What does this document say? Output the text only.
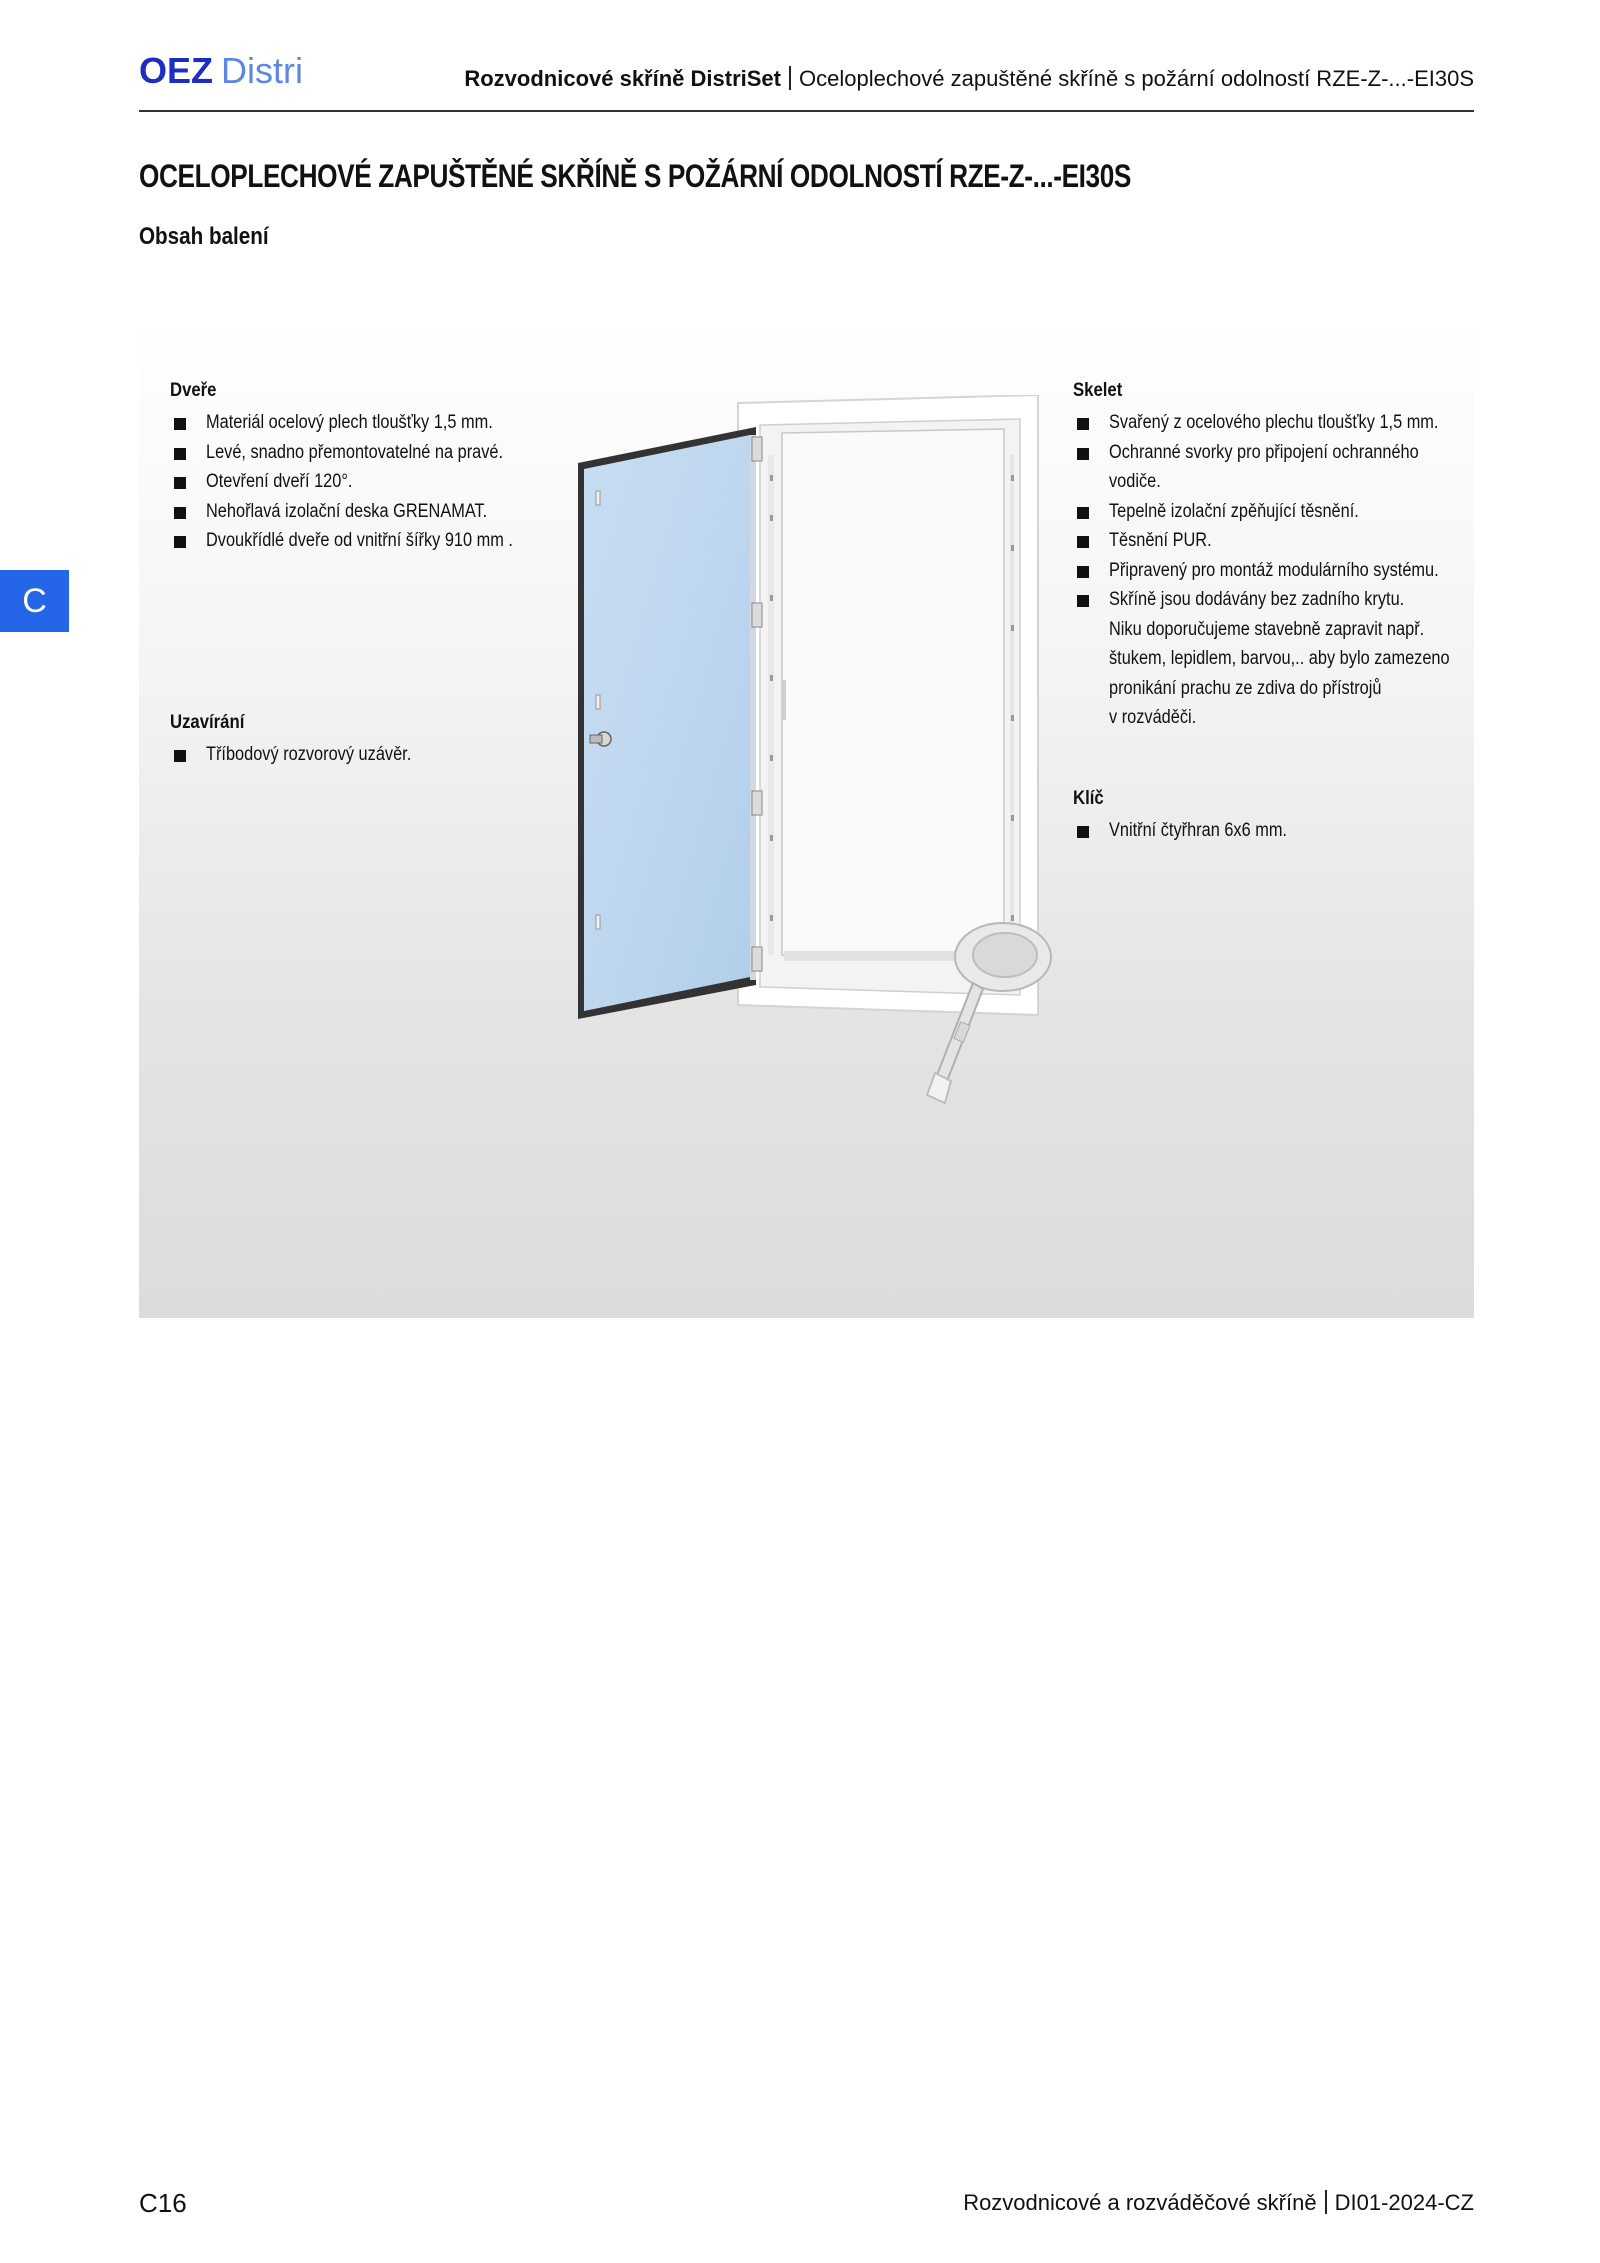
OEZ Distri	Rozvodnicové skříně DistriSet Oceloplechové zapuštěné skříně s požární odolností RZE-Z-...-EI30S
C
OCELOPLECHOVÉ ZAPUŠTĚNÉ SKŘÍNĚ S POŽÁRNÍ ODOLNOSTÍ RZE-Z-...-EI30S
Obsah balení
Dveře
Materiál ocelový plech tloušťky 1,5 mm.
Levé, snadno přemontovatelné na pravé.
Otevření dveří 120°.
Nehořlavá izolační deska GRENAMAT.
Dvoukřídlé dveře od vnitřní šířky 910 mm .
Uzavírání
Tříbodový rozvorový uzávěr.
Skelet
Svařený z ocelového plechu tloušťky 1,5 mm.
Ochranné svorky pro připojení ochranného
vodiče.
Tepelně izolační zpěňující těsnění.
Těsnění PUR.
Připravený pro montáž modulárního systému.
Skříně jsou dodávány bez zadního krytu.
Niku doporučujeme stavebně zapravit např.
štukem, lepidlem, barvou,.. aby bylo zamezeno
pronikání prachu ze zdiva do přístrojů
v rozváděči.
Klíč
Vnitřní čtyřhran 6x6 mm.
C16	Rozvodnicové a rozváděčové skříně DI01-2024-CZ
